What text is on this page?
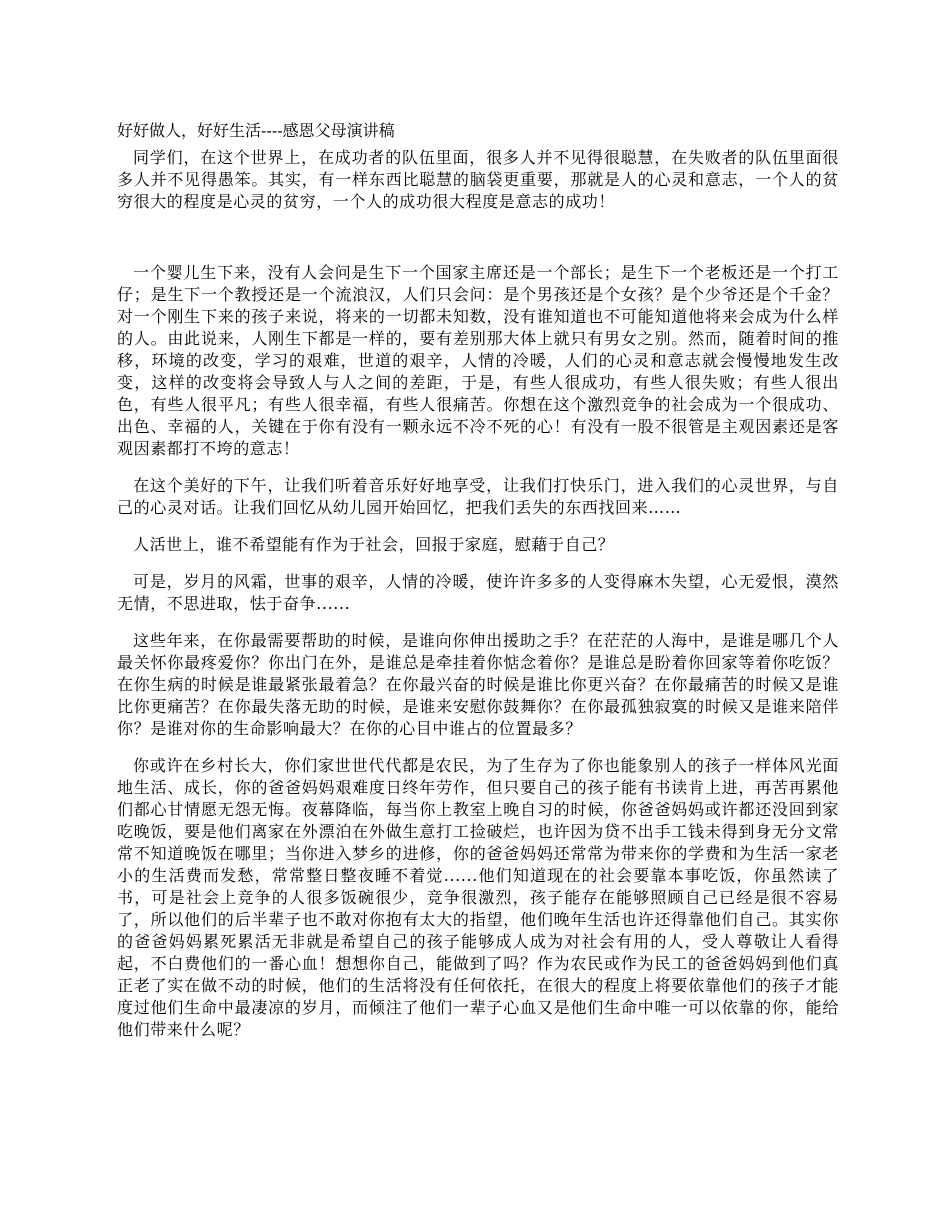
好好做人，好好生活----感恩父母演讲稿

同学们，在这个世界上，在成功者的队伍里面，很多人并不见得很聪慧，在失败者的队伍里面很多人并不见得愚笨。其实，有一样东西比聪慧的脑袋更重要，那就是人的心灵和意志，一个人的贫穷很大的程度是心灵的贫穷，一个人的成功很大程度是意志的成功！

一个婴儿生下来，没有人会问是生下一个国家主席还是一个部长；是生下一个老板还是一个打工仔；是生下一个教授还是一个流浪汉，人们只会问：是个男孩还是个女孩？是个少爷还是个千金？对一个刚生下来的孩子来说，将来的一切都未知数，没有谁知道也不可能知道他将来会成为什么样的人。由此说来，人刚生下都是一样的，要有差别那大体上就只有男女之别。然而，随着时间的推移，环境的改变，学习的艰难，世道的艰辛，人情的冷暖，人们的心灵和意志就会慢慢地发生改变，这样的改变将会导致人与人之间的差距，于是，有些人很成功，有些人很失败；有些人很出色，有些人很平凡；有些人很幸福，有些人很痛苦。你想在这个激烈竞争的社会成为一个很成功、出色、幸福的人，关键在于你有没有一颗永远不冷不死的心！有没有一股不很管是主观因素还是客观因素都打不垮的意志！

在这个美好的下午，让我们听着音乐好好地享受，让我们打快乐门，进入我们的心灵世界，与自己的心灵对话。让我们回忆从幼儿园开始回忆，把我们丢失的东西找回来……

人活世上，谁不希望能有作为于社会，回报于家庭，慰藉于自己？

可是，岁月的风霜，世事的艰辛，人情的冷暖，使许许多多的人变得麻木失望，心无爱恨，漠然无情，不思进取，怯于奋争......

这些年来，在你最需要帮助的时候，是谁向你伸出援助之手？在茫茫的人海中，是谁是哪几个人最关怀你最疼爱你？你出门在外，是谁总是牵挂着你惦念着你？是谁总是盼着你回家等着你吃饭？在你生病的时候是谁最紧张最着急？在你最兴奋的时候是谁比你更兴奋？在你最痛苦的时候又是谁比你更痛苦？在你最失落无助的时候，是谁来安慰你鼓舞你？在你最孤独寂寞的时候又是谁来陪伴你？是谁对你的生命影响最大？在你的心目中谁占的位置最多？

你或许在乡村长大，你们家世世代代都是农民，为了生存为了你也能象别人的孩子一样体风光面地生活、成长，你的爸爸妈妈艰难度日终年劳作，但只要自己的孩子能有书读肯上进，再苦再累他们都心甘情愿无怨无悔。夜幕降临，每当你上教室上晚自习的时候，你爸爸妈妈或许都还没回到家吃晚饭，要是他们离家在外漂泊在外做生意打工捡破烂，也许因为贷不出手工钱未得到身无分文常常不知道晚饭在哪里；当你进入梦乡的进修，你的爸爸妈妈还常常为带来你的学费和为生活一家老小的生活费而发愁，常常整日整夜睡不着觉......他们知道现在的社会要靠本事吃饭，你虽然读了书，可是社会上竞争的人很多饭碗很少，竞争很激烈，孩子能存在能够照顾自己已经是很不容易了，所以他们的后半辈子也不敢对你抱有太大的指望，他们晚年生活也许还得靠他们自己。其实你的爸爸妈妈累死累活无非就是希望自己的孩子能够成人成为对社会有用的人，受人尊敬让人看得起，不白费他们的一番心血！想想你自己，能做到了吗？作为农民或作为民工的爸爸妈妈到他们真正老了实在做不动的时候，他们的生活将没有任何依托，在很大的程度上将要依靠他们的孩子才能度过他们生命中最凄凉的岁月，而倾注了他们一辈子心血又是他们生命中唯一可以依靠的你，能给他们带来什么呢？
